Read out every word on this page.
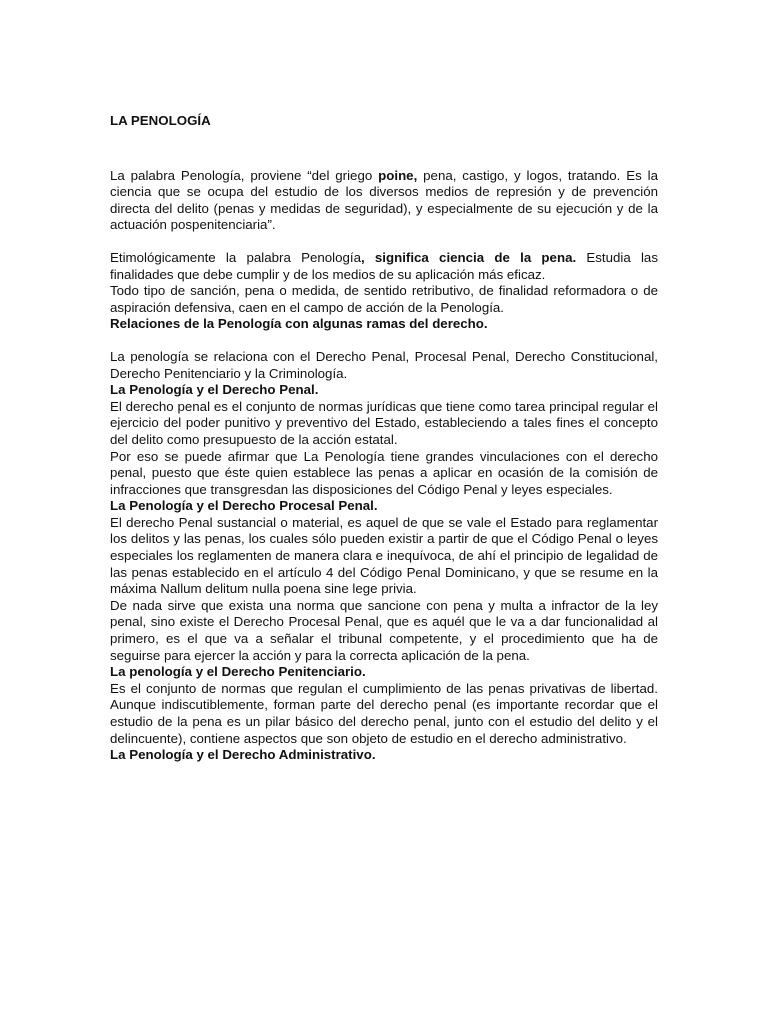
LA PENOLOGÍA

La palabra Penología, proviene “del griego poine, pena, castigo, y logos, tratando. Es la ciencia que se ocupa del estudio de los diversos medios de represión y de prevención directa del delito (penas y medidas de seguridad), y especialmente de su ejecución y de la actuación pospenitenciaria”.

Etimológicamente la palabra Penología, significa ciencia de la pena. Estudia las finalidades que debe cumplir y de los medios de su aplicación más eficaz.

Todo tipo de sanción, pena o medida, de sentido retributivo, de finalidad reformadora o de aspiración defensiva, caen en el campo de acción de la Penología.

Relaciones de la Penología con algunas ramas del derecho.

La penología se relaciona con el Derecho Penal, Procesal Penal, Derecho Constitucional, Derecho Penitenciario y la Criminología.

La Penología y el Derecho Penal.

El derecho penal es el conjunto de normas jurídicas que tiene como tarea principal regular el ejercicio del poder punitivo y preventivo del Estado, estableciendo a tales fines el concepto del delito como presupuesto de la acción estatal.

Por eso se puede afirmar que La Penología tiene grandes vinculaciones con el derecho penal, puesto que éste quien establece las penas a aplicar en ocasión de la comisión de infracciones que transgresdan las disposiciones del Código Penal y leyes especiales.

La Penología y el Derecho Procesal Penal.

El derecho Penal sustancial o material, es aquel de que se vale el Estado para reglamentar los delitos y las penas, los cuales sólo pueden existir a partir de que el Código Penal o leyes especiales los reglamenten de manera clara e inequívoca, de ahí el principio de legalidad de las penas establecido en el artículo 4 del Código Penal Dominicano, y que se resume en la máxima Nallum delitum nulla poena sine lege privia.

De nada sirve que exista una norma que sancione con pena y multa a infractor de la ley penal, sino existe el Derecho Procesal Penal, que es aquél que le va a dar funcionalidad al primero, es el que va a señalar el tribunal competente, y el procedimiento que ha de seguirse para ejercer la acción y para la correcta aplicación de la pena.

La penología y el Derecho Penitenciario.

Es el conjunto de normas que regulan el cumplimiento de las penas privativas de libertad. Aunque indiscutiblemente, forman parte del derecho penal (es importante recordar que el estudio de la pena es un pilar básico del derecho penal, junto con el estudio del delito y el delincuente), contiene aspectos que son objeto de estudio en el derecho administrativo.

La Penología y el Derecho Administrativo.
